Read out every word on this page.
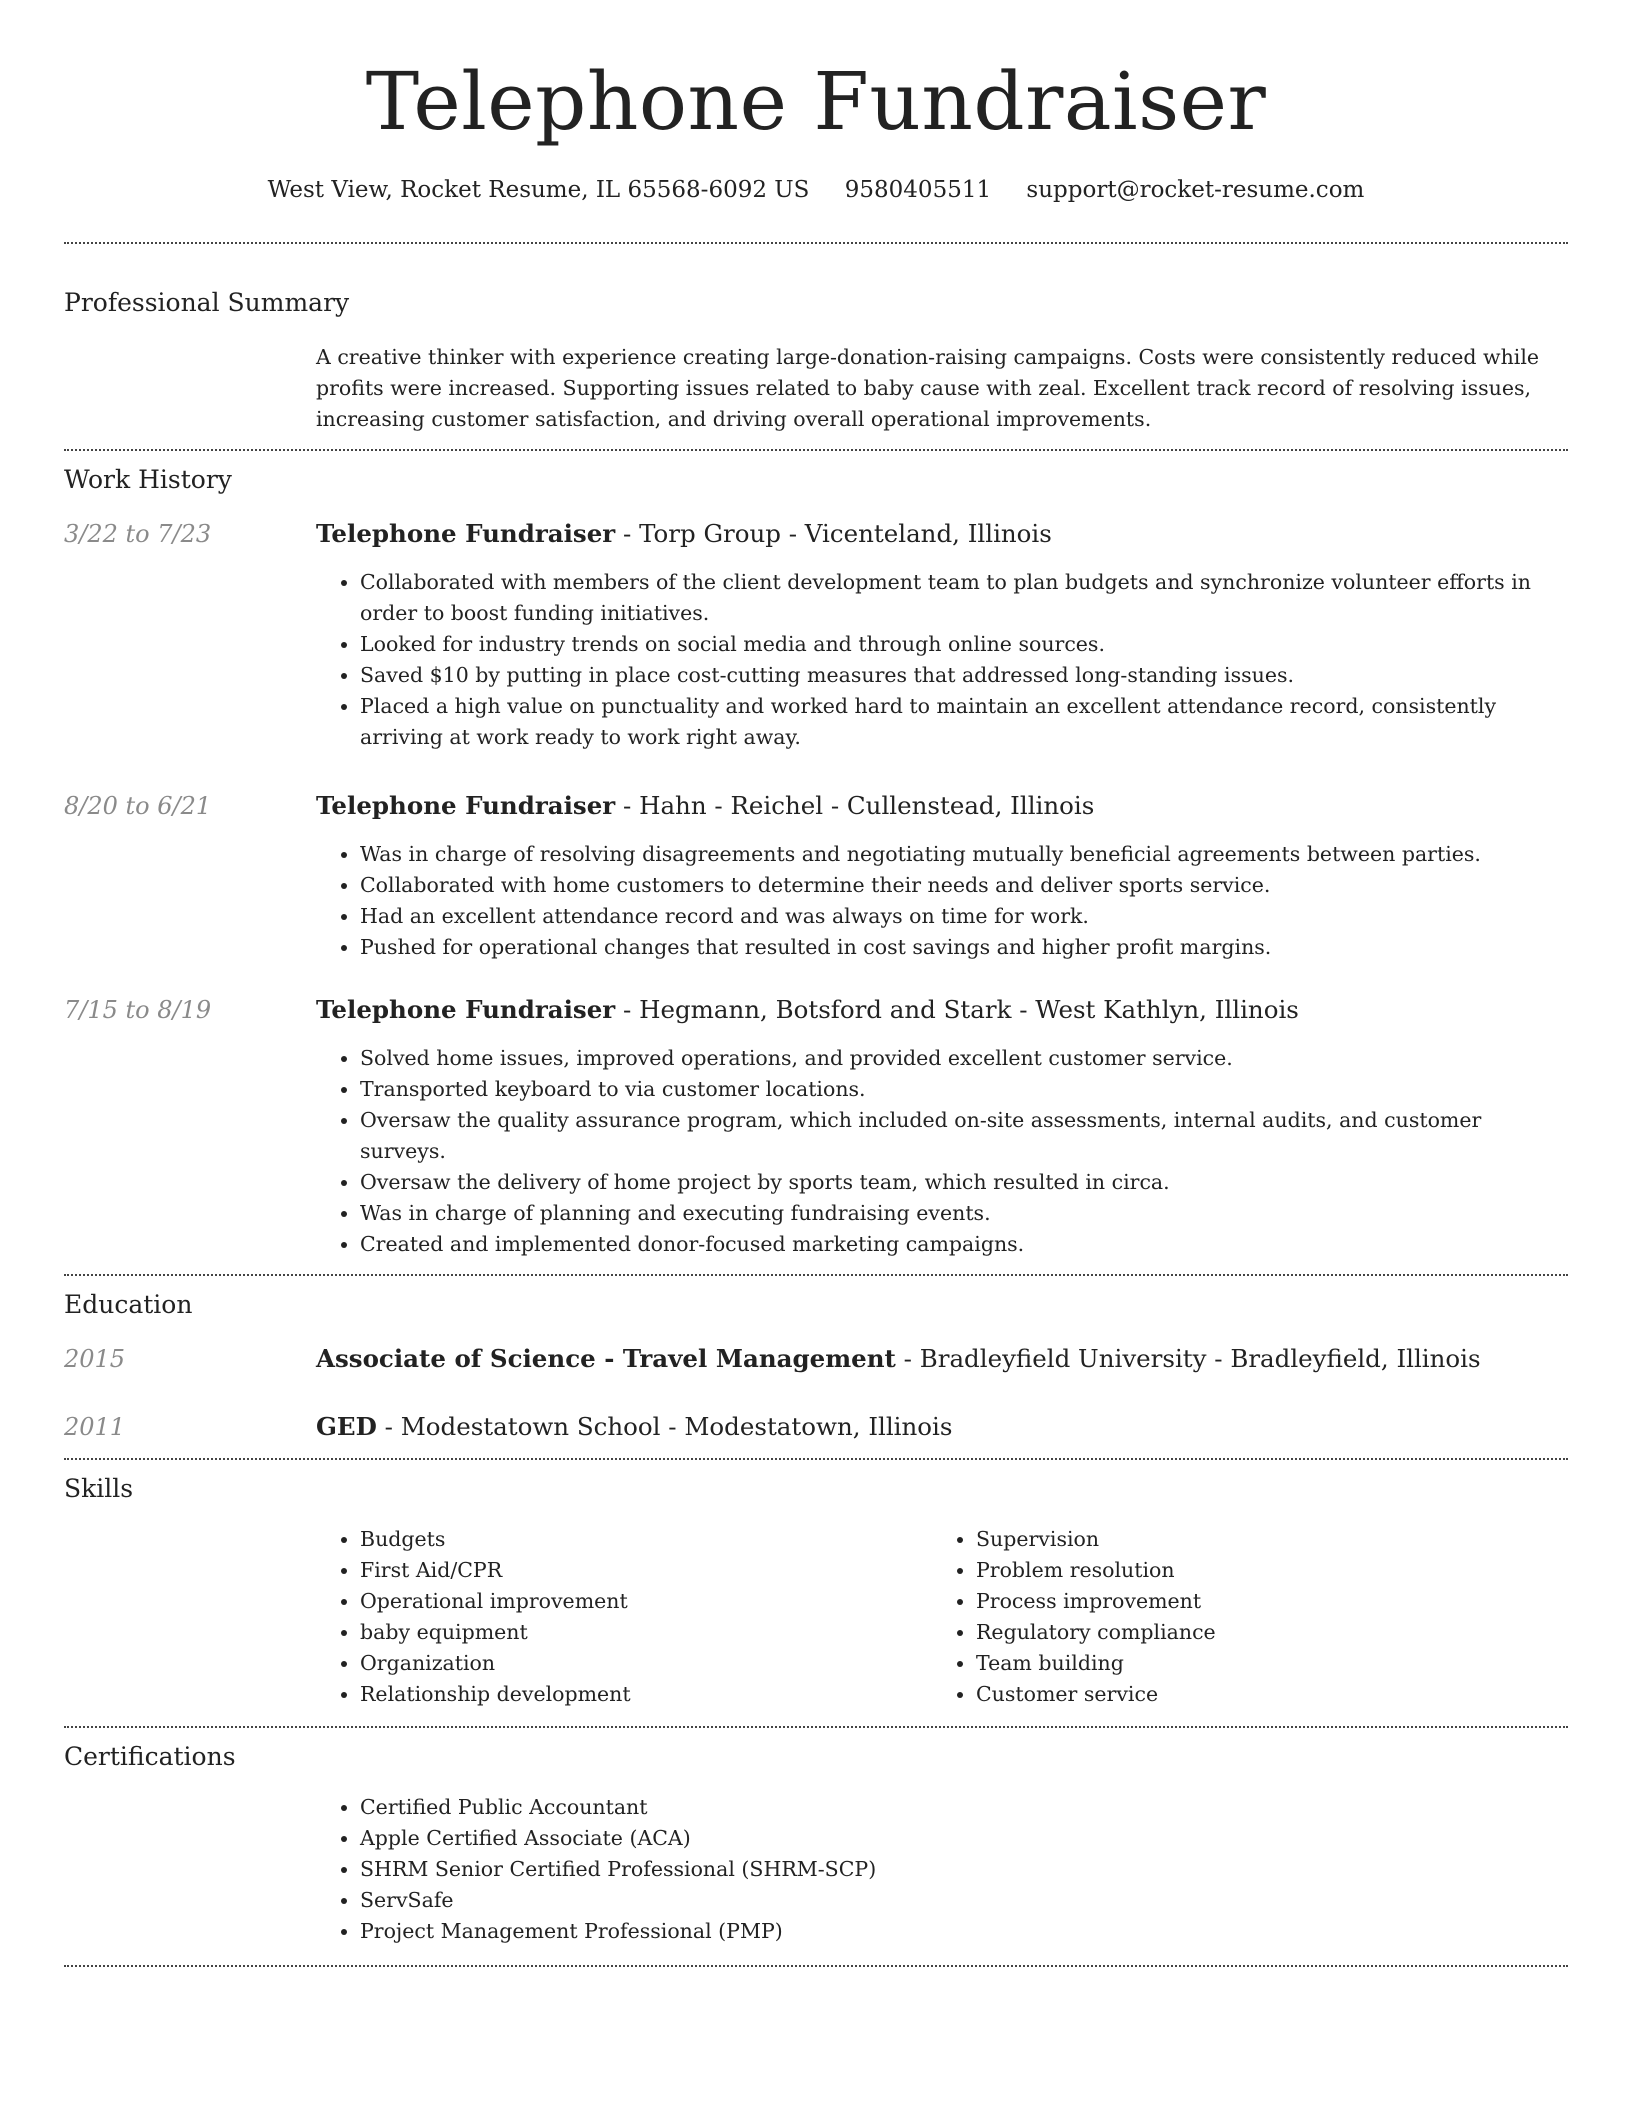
Telephone Fundraiser
West View, Rocket Resume, IL 65568-6092 US 9580405511 support@rocket-resume.com
Professional Summary
A creative thinker with experience creating large-donation-raising campaigns. Costs were consistently reduced while profits were increased. Supporting issues related to baby cause with zeal. Excellent track record of resolving issues, increasing customer satisfaction, and driving overall operational improvements.
Work History
3/22 to 7/23	Telephone Fundraiser - Torp Group - Vicenteland, Illinois
• Collaborated with members of the client development team to plan budgets and synchronize volunteer efforts in order to boost funding initiatives.
• Looked for industry trends on social media and through online sources.
• Saved $10 by putting in place cost-cutting measures that addressed long-standing issues.
• Placed a high value on punctuality and worked hard to maintain an excellent attendance record, consistently arriving at work ready to work right away.
8/20 to 6/21	Telephone Fundraiser - Hahn - Reichel - Cullenstead, Illinois
• Was in charge of resolving disagreements and negotiating mutually beneficial agreements between parties.
• Collaborated with home customers to determine their needs and deliver sports service.
• Had an excellent attendance record and was always on time for work.
• Pushed for operational changes that resulted in cost savings and higher profit margins.
7/15 to 8/19	Telephone Fundraiser - Hegmann, Botsford and Stark - West Kathlyn, Illinois
• Solved home issues, improved operations, and provided excellent customer service.
• Transported keyboard to via customer locations.
• Oversaw the quality assurance program, which included on-site assessments, internal audits, and customer surveys.
• Oversaw the delivery of home project by sports team, which resulted in circa.
• Was in charge of planning and executing fundraising events.
• Created and implemented donor-focused marketing campaigns.
Education
2015	Associate of Science - Travel Management - Bradleyfield University - Bradleyfield, Illinois
2011	GED - Modestatown School - Modestatown, Illinois
Skills
• Budgets
• First Aid/CPR
• Operational improvement
• baby equipment
• Organization
• Relationship development
• Supervision
• Problem resolution
• Process improvement
• Regulatory compliance
• Team building
• Customer service
Certifications
• Certified Public Accountant
• Apple Certified Associate (ACA)
• SHRM Senior Certified Professional (SHRM-SCP)
• ServSafe
• Project Management Professional (PMP)
